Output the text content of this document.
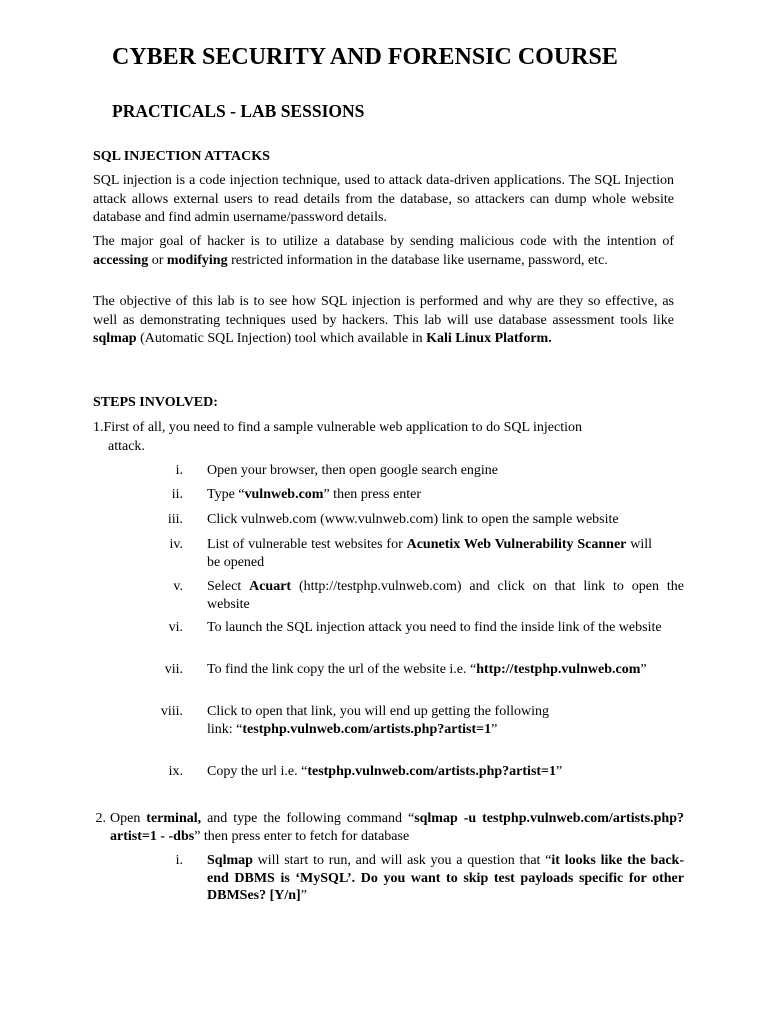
CYBER SECURITY AND FORENSIC COURSE
PRACTICALS - LAB SESSIONS
SQL INJECTION ATTACKS
SQL injection is a code injection technique, used to attack data-driven applications. The SQL Injection attack allows external users to read details from the database, so attackers can dump whole website database and find admin username/password details.
The major goal of hacker is to utilize a database by sending malicious code with the intention of accessing or modifying restricted information in the database like username, password, etc.
The objective of this lab is to see how SQL injection is performed and why are they so effective, as well as demonstrating techniques used by hackers. This lab will use database assessment tools like sqlmap (Automatic SQL Injection) tool which available in Kali Linux Platform.
STEPS INVOLVED:
1.First of all, you need to find a sample vulnerable web application to do SQL injection
attack.
i. Open your browser, then open google search engine
ii. Type “vulnweb.com” then press enter
iii. Click vulnweb.com (www.vulnweb.com) link to open the sample website
iv. List of vulnerable test websites for Acunetix Web Vulnerability Scanner will be opened
v. Select Acuart (http://testphp.vulnweb.com) and click on that link to open the website
vi. To launch the SQL injection attack you need to find the inside link of the website
vii. To find the link copy the url of the website i.e. “http://testphp.vulnweb.com”
viii. Click to open that link, you will end up getting the following link: “testphp.vulnweb.com/artists.php?artist=1”
ix. Copy the url i.e. “testphp.vulnweb.com/artists.php?artist=1”
2. Open terminal, and type the following command “sqlmap -u testphp.vulnweb.com/artists.php?artist=1 - -dbs” then press enter to fetch for database
i. Sqlmap will start to run, and will ask you a question that “it looks like the back-end DBMS is ‘MySQL’. Do you want to skip test payloads specific for other DBMSes? [Y/n]”
